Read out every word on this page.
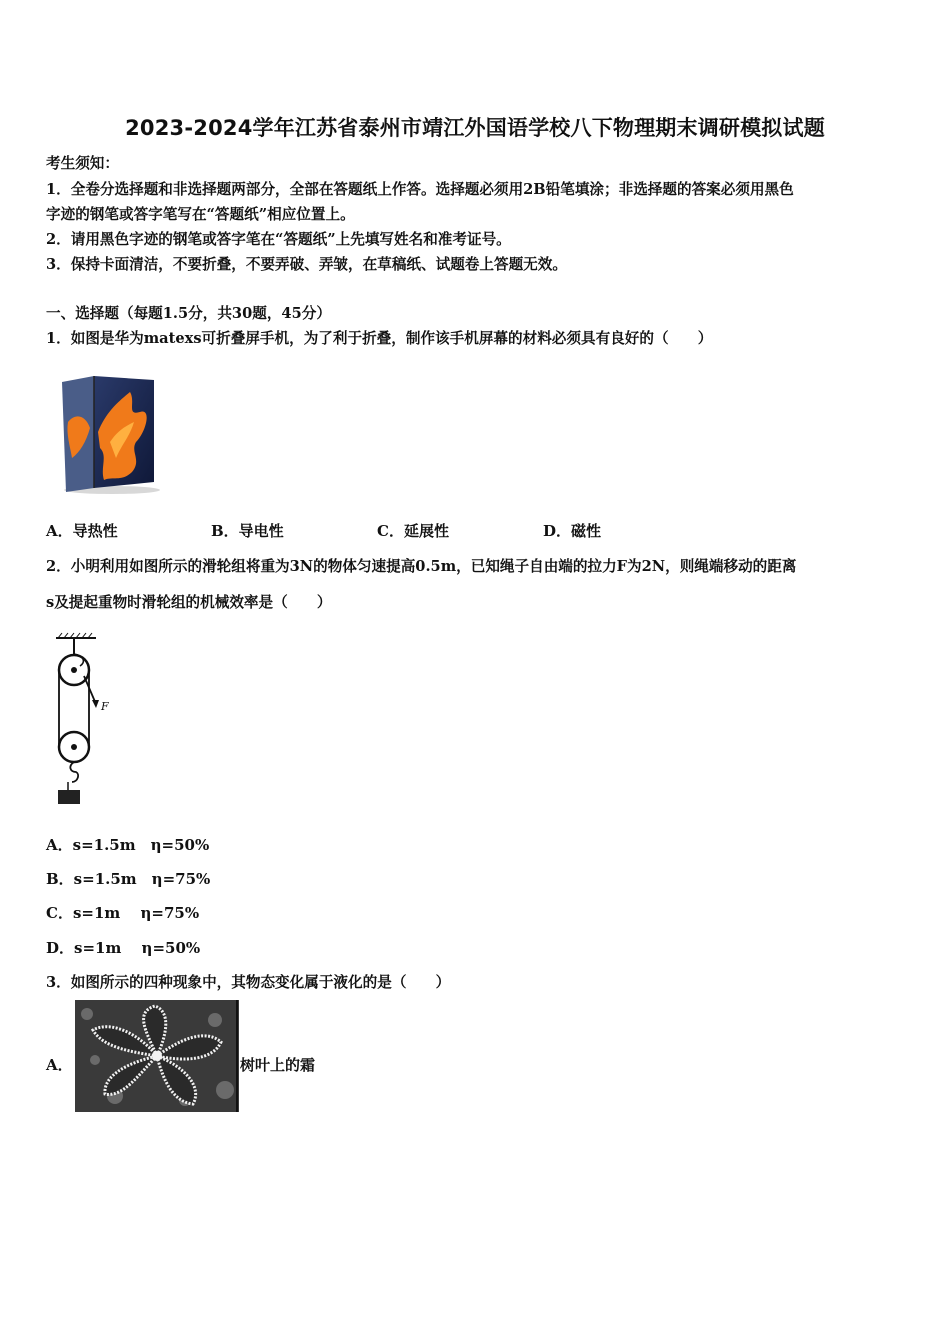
2023-2024学年江苏省泰州市靖江外国语学校八下物理期末调研模拟试题
考生须知：
1．全卷分选择题和非选择题两部分，全部在答题纸上作答。选择题必须用2B铅笔填涂；非选择题的答案必须用黑色
字迹的钢笔或答字笔写在“答题纸”相应位置上。
2．请用黑色字迹的钢笔或答字笔在“答题纸”上先填写姓名和准考证号。
3．保持卡面清洁，不要折叠，不要弄破、弄皱，在草稿纸、试题卷上答题无效。
一、选择题（每题1.5分，共30题，45分）
1．如图是华为matexs可折叠屏手机，为了利于折叠，制作该手机屏幕的材料必须具有良好的（　　）
A．导热性	B．导电性	C．延展性	D．磁性
2．小明利用如图所示的滑轮组将重为3N的物体匀速提高0.5m，已知绳子自由端的拉力F为2N，则绳端移动的距离
s及提起重物时滑轮组的机械效率是（　　）
F
A．s=1.5m　η=50%
B．s=1.5m　η=75%
C．s=1m　 η=75%
D．s=1m　 η=50%
3．如图所示的四种现象中，其物态变化属于液化的是（　　）
A．	树叶上的霜
